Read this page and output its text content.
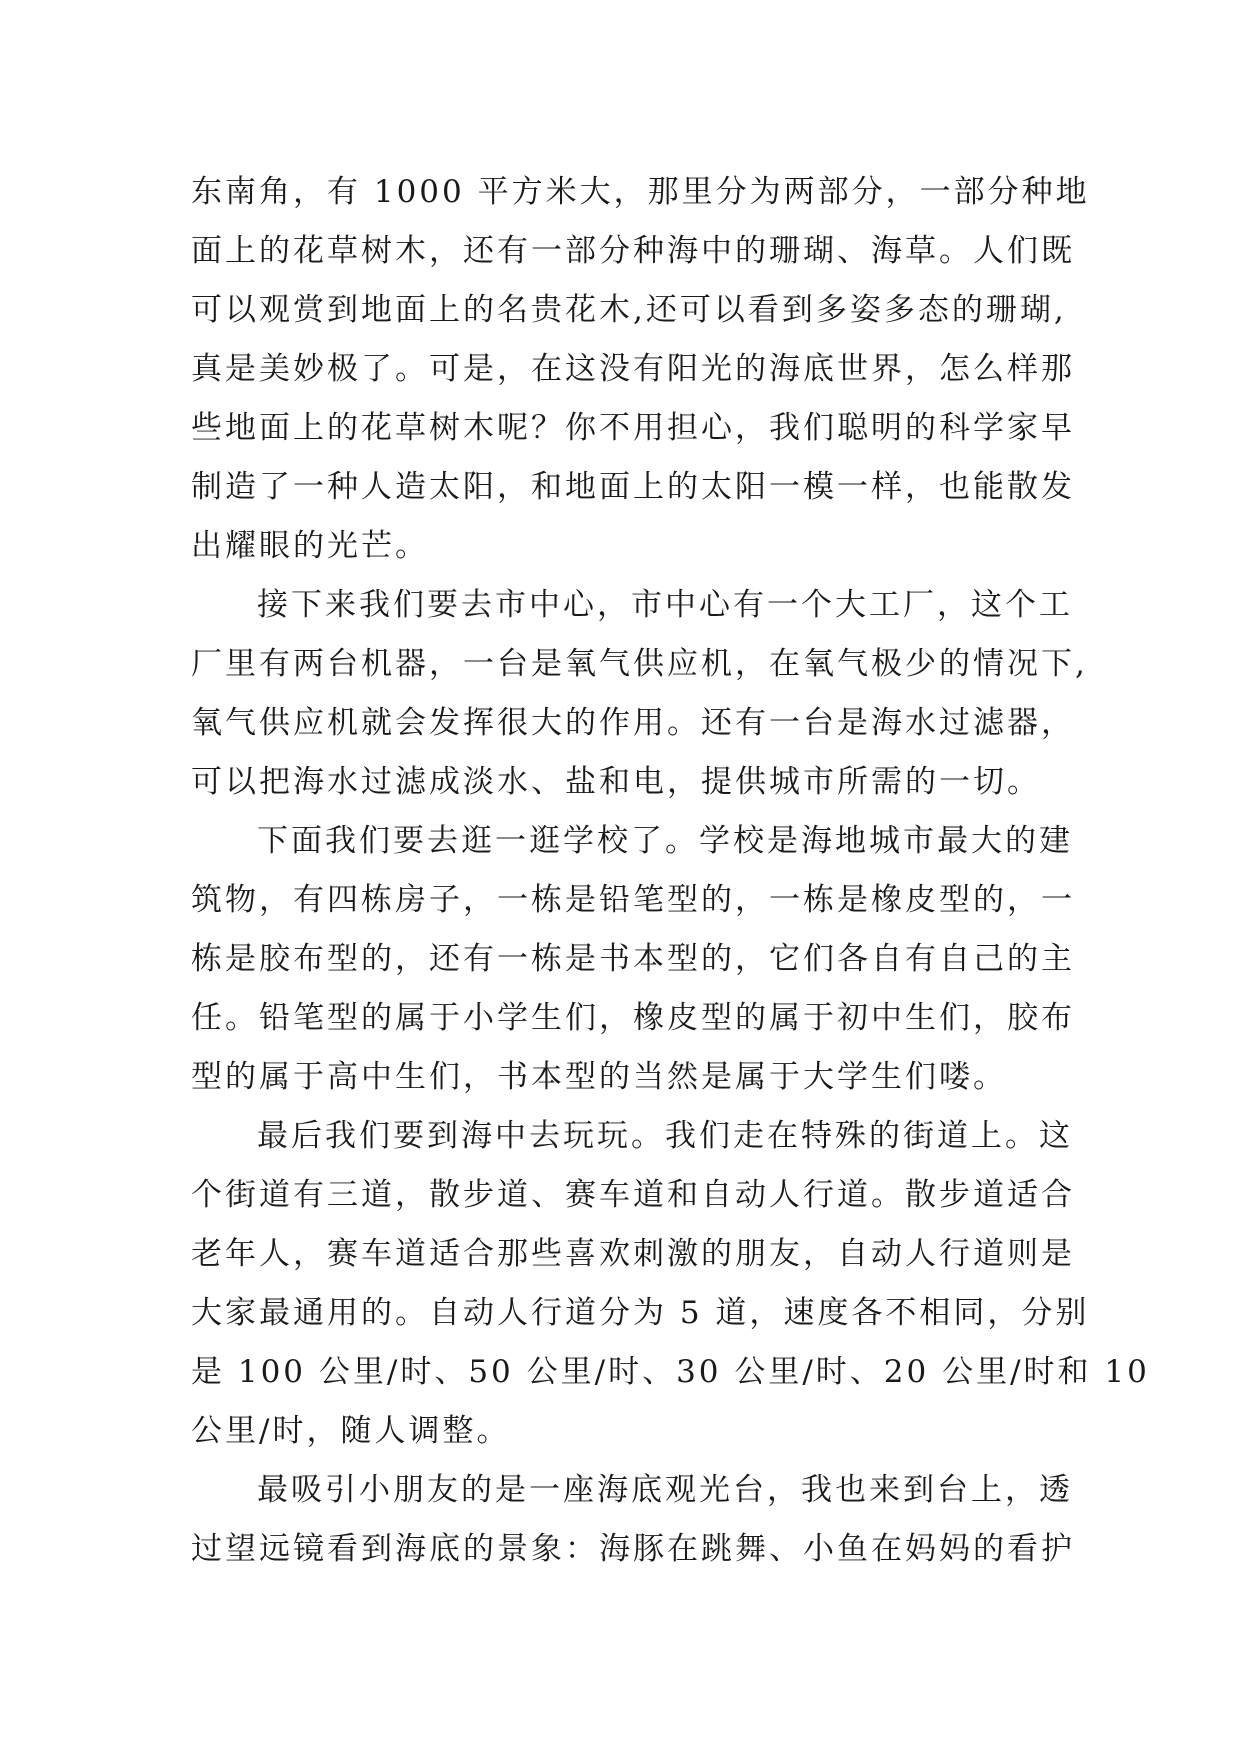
东南角，有 1000 平方米大，那里分为两部分，一部分种地
面上的花草树木，还有一部分种海中的珊瑚、海草。人们既
可以观赏到地面上的名贵花木,还可以看到多姿多态的珊瑚,
真是美妙极了。可是，在这没有阳光的海底世界，怎么样那
些地面上的花草树木呢？你不用担心，我们聪明的科学家早
制造了一种人造太阳，和地面上的太阳一模一样，也能散发
出耀眼的光芒。
接下来我们要去市中心，市中心有一个大工厂，这个工
厂里有两台机器，一台是氧气供应机，在氧气极少的情况下,
氧气供应机就会发挥很大的作用。还有一台是海水过滤器，
可以把海水过滤成淡水、盐和电，提供城市所需的一切。
下面我们要去逛一逛学校了。学校是海地城市最大的建
筑物，有四栋房子，一栋是铅笔型的，一栋是橡皮型的，一
栋是胶布型的，还有一栋是书本型的，它们各自有自己的主
任。铅笔型的属于小学生们，橡皮型的属于初中生们，胶布
型的属于高中生们，书本型的当然是属于大学生们喽。
最后我们要到海中去玩玩。我们走在特殊的街道上。这
个街道有三道，散步道、赛车道和自动人行道。散步道适合
老年人，赛车道适合那些喜欢刺激的朋友，自动人行道则是
大家最通用的。自动人行道分为 5 道，速度各不相同，分别
是 100 公里/时、50 公里/时、30 公里/时、20 公里/时和 10
公里/时，随人调整。
最吸引小朋友的是一座海底观光台，我也来到台上，透
过望远镜看到海底的景象：海豚在跳舞、小鱼在妈妈的看护
